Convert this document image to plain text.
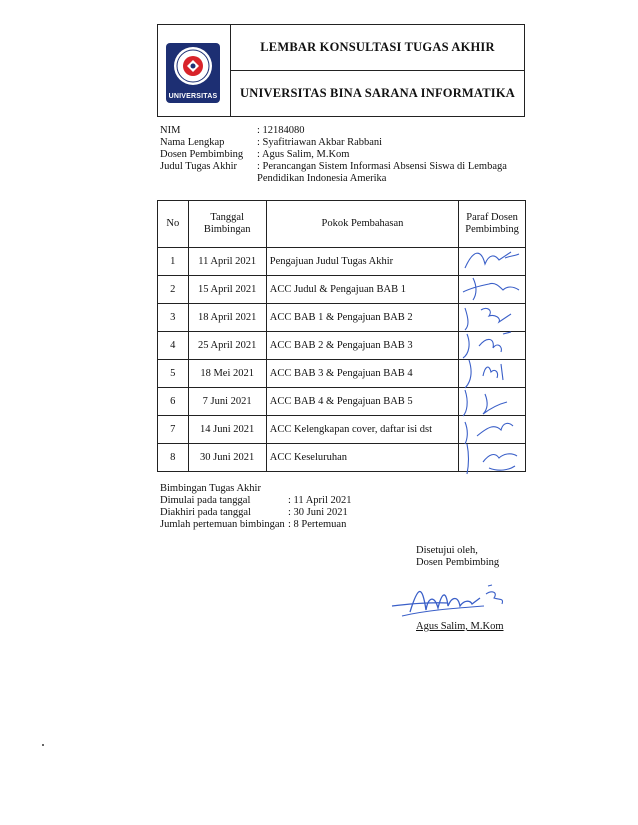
UNIVERSITAS
LEMBAR KONSULTASI TUGAS AKHIR
UNIVERSITAS BINA SARANA INFORMATIKA
NIM	: 12184080
Nama Lengkap	: Syafitriawan Akbar Rabbani
Dosen Pembimbing	: Agus Salim, M.Kom
Judul Tugas Akhir	: Perancangan Sistem Informasi Absensi Siswa di Lembaga Pendidikan Indonesia Amerika
No	Tanggal Bimbingan	Pokok Pembahasan	Paraf Dosen Pembimbing
1	11 April 2021	Pengajuan Judul Tugas Akhir	

2	15 April 2021	ACC Judul & Pengajuan BAB 1	

3	18 April 2021	ACC BAB 1 & Pengajuan BAB 2	

4	25 April 2021	ACC BAB 2 & Pengajuan BAB 3	

5	18 Mei 2021	ACC BAB 3 & Pengajuan BAB 4	

6	7 Juni 2021	ACC BAB 4 & Pengajuan BAB 5	

7	14 Juni 2021	ACC Kelengkapan cover, daftar isi dst	

8	30 Juni 2021	ACC Keseluruhan	
Bimbingan Tugas Akhir
Dimulai pada tanggal	: 11 April 2021
Diakhiri pada tanggal	: 30 Juni 2021
Jumlah pertemuan bimbingan : 8 Pertemuan
Disetujui oleh,
Dosen Pembimbing
Agus Salim, M.Kom
